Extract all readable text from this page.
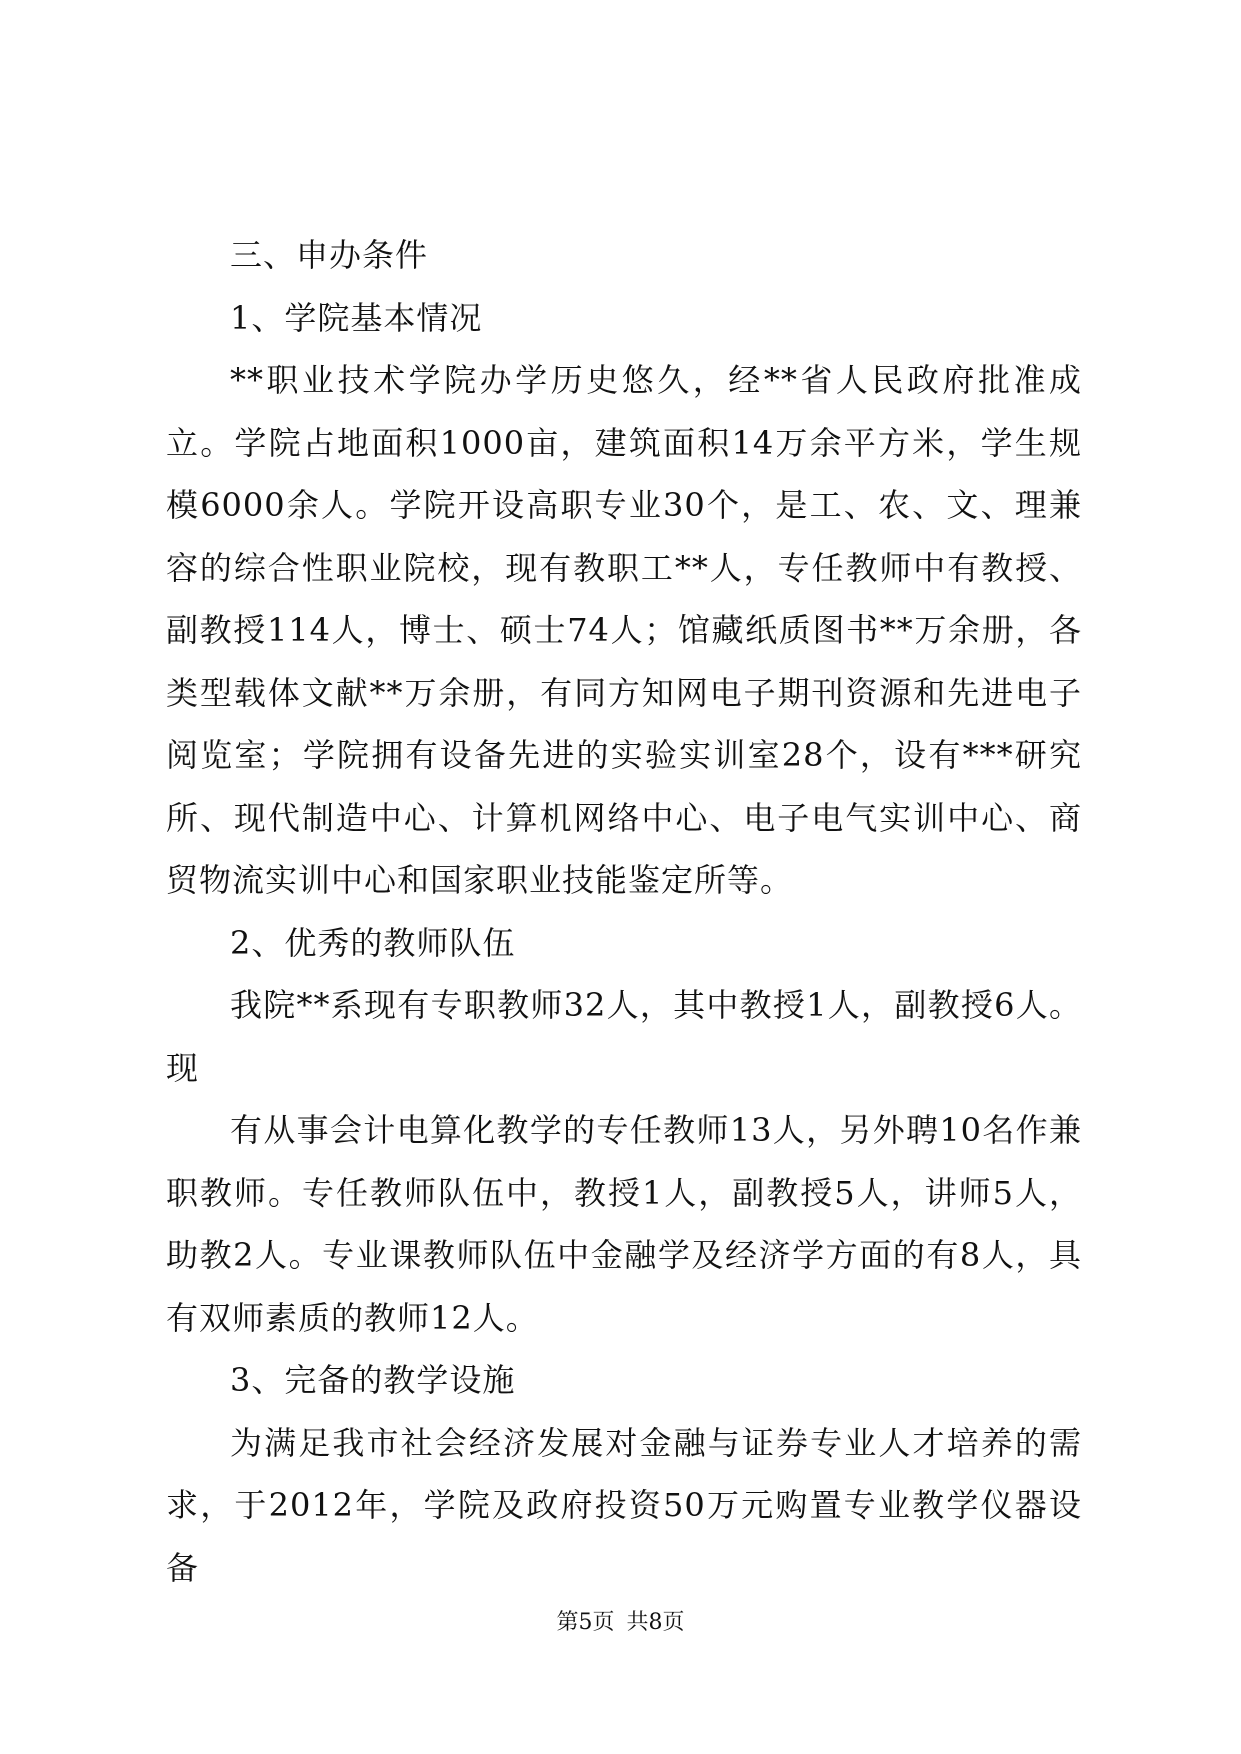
三、申办条件

1、学院基本情况

**职业技术学院办学历史悠久，经**省人民政府批准成立。学院占地面积1000亩，建筑面积14万余平方米，学生规模6000余人。学院开设高职专业30个，是工、农、文、理兼容的综合性职业院校，现有教职工**人，专任教师中有教授、副教授114人，博士、硕士74人；馆藏纸质图书**万余册，各类型载体文献**万余册，有同方知网电子期刊资源和先进电子阅览室；学院拥有设备先进的实验实训室28个，设有***研究所、现代制造中心、计算机网络中心、电子电气实训中心、商贸物流实训中心和国家职业技能鉴定所等。

2、优秀的教师队伍

我院**系现有专职教师32人，其中教授1人，副教授6人。现

有从事会计电算化教学的专任教师13人，另外聘10名作兼职教师。专任教师队伍中，教授1人，副教授5人，讲师5人，助教2人。专业课教师队伍中金融学及经济学方面的有8人，具有双师素质的教师12人。

3、完备的教学设施

为满足我市社会经济发展对金融与证券专业人才培养的需求，于2012年，学院及政府投资50万元购置专业教学仪器设备

第5页 共8页
